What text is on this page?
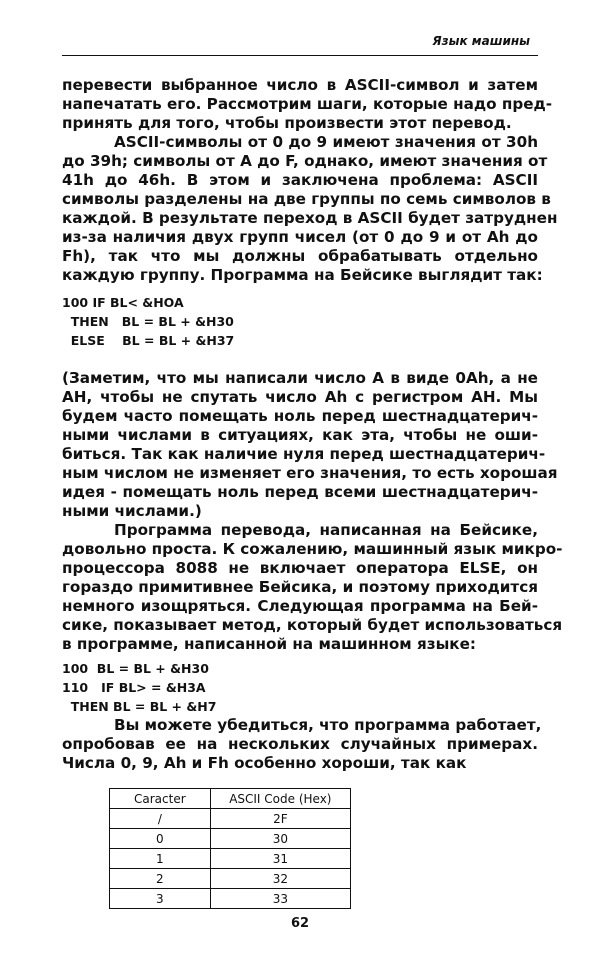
Язык машины

перевести выбранное число в ASCII-символ и затем
напечатать его. Рассмотрим шаги, которые надо пред-
принять для того, чтобы произвести этот перевод.

ASCII-символы от 0 до 9 имеют значения от 30h
до 39h; символы от А до F, однако, имеют значения от
41h до 46h. В этом и заключена проблема: ASCII
символы разделены на две группы по семь символов в
каждой. В результате переход в ASCII будет затруднен
из-за наличия двух групп чисел (от 0 до 9 и от Ah до
Fh), так что мы должны обрабатывать отдельно
каждую группу. Программа на Бейсике выглядит так:

100 IF BL< &HOA
THEN   BL = BL + &H30
ELSE    BL = BL + &H37

(Заметим, что мы написали число А в виде 0Ah, а не
AH, чтобы не спутать число Ah с регистром AH. Мы
будем часто помещать ноль перед шестнадцатерич-
ными числами в ситуациях, как эта, чтобы не оши-
биться. Так как наличие нуля перед шестнадцатерич-
ным числом не изменяет его значения, то есть хорошая
идея - помещать ноль перед всеми шестнадцатерич-
ными числами.)

Программа перевода, написанная на Бейсике,
довольно проста. К сожалению, машинный язык микро-
процессора 8088 не включает оператора ELSE, он
гораздо примитивнее Бейсика, и поэтому приходится
немного изощряться. Следующая программа на Бей-
сике, показывает метод, который будет использоваться
в программе, написанной на машинном языке:

100  BL = BL + &H30
110   IF BL> = &H3A
THEN BL = BL + &H7

Вы можете убедиться, что программа работает,
опробовав ее на нескольких случайных примерах.
Числа 0, 9, Ah и Fh особенно хороши, так как

Caracter	ASCII Code (Hex)
/	2F
0	30
1	31
2	32
3	33
62
